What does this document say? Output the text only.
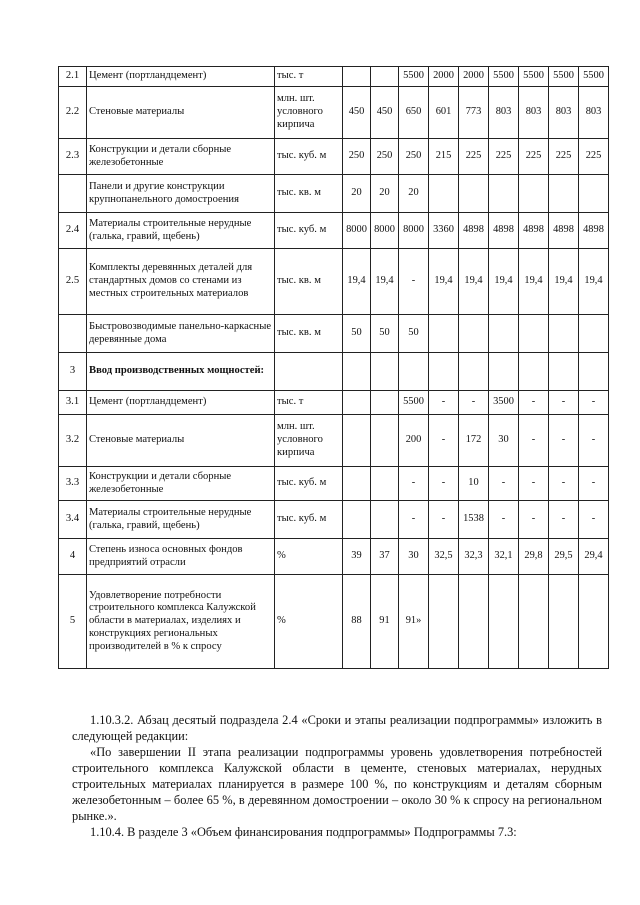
2.1	Цемент (портландцемент)	тыс. т			5500	2000	2000	5500	5500	5500	5500
2.2	Стеновые материалы	млн. шт. условного кирпича	450	450	650	601	773	803	803	803	803
2.3	Конструкции и детали сборные железобетонные	тыс. куб. м	250	250	250	215	225	225	225	225	225
	Панели и другие конструкции крупнопанельного домостроения	тыс. кв. м	20	20	20						
2.4	Материалы строительные нерудные (галька, гравий, щебень)	тыс. куб. м	8000	8000	8000	3360	4898	4898	4898	4898	4898
2.5	Комплекты деревянных деталей для стандартных домов со стенами из местных строительных материалов	тыс. кв. м	19,4	19,4	-	19,4	19,4	19,4	19,4	19,4	19,4
	Быстровозводимые панельно-каркасные деревянные дома	тыс. кв. м	50	50	50						
3	Ввод производственных мощностей:										
3.1	Цемент (портландцемент)	тыс. т			5500	-	-	3500	-	-	-
3.2	Стеновые материалы	млн. шт. условного кирпича			200	-	172	30	-	-	-
3.3	Конструкции и детали сборные железобетонные	тыс. куб. м			-	-	10	-	-	-	-
3.4	Материалы строительные нерудные (галька, гравий, щебень)	тыс. куб. м			-	-	1538	-	-	-	-
4	Степень износа основных фондов предприятий отрасли	%	39	37	30	32,5	32,3	32,1	29,8	29,5	29,4
5	Удовлетворение потребности строительного комплекса Калужской области в материалах, изделиях и конструкциях региональных производителей в % к спросу	%	88	91	91»						
1.10.3.2. Абзац десятый подраздела 2.4 «Сроки и этапы реализации подпрограммы» изложить в следующей редакции:
«По завершении II этапа реализации подпрограммы уровень удовлетворения потребностей строительного комплекса Калужской области в цементе, стеновых материалах, нерудных строительных материалах планируется в размере 100 %, по конструкциям и деталям сборным железобетонным – более 65 %, в деревянном домостроении – около 30 % к спросу на региональном рынке.».
1.10.4. В разделе 3 «Объем финансирования подпрограммы» Подпрограммы 7.3:
